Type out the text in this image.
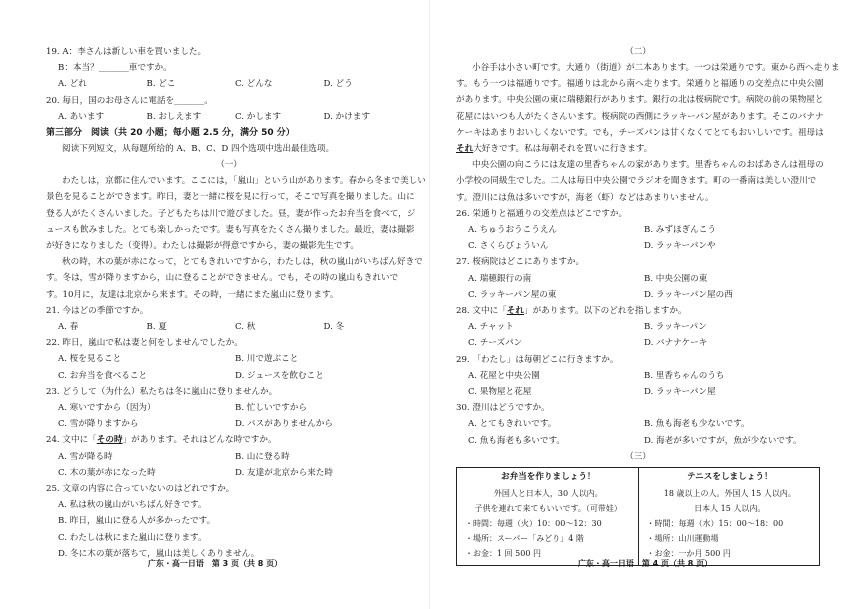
19. A：李さんは新しい車を買いました。
B：本当？_______車ですか。
A. どれ	B. どこ	C. どんな	D. どう
20. 毎日，国のお母さんに電話を_______。
A. あいます	B. おしえます	C. かします	D. かけます
第三部分　阅读（共 20 小题；每小题 2.5 分，满分 50 分）
阅读下列短文，从每题所给的 A、B、C、D 四个选项中选出最佳选项。
（一）
わたしは，京都に住んでいます。ここには，「嵐山」という山があります。春から冬まで美しい
景色を見ることができます。昨日，妻と一緒に桜を見に行って，そこで写真を撮りました。山に
登る人がたくさんいました。子どもたちは川で遊びました。昼，妻が作ったお弁当を食べて，ジ
ュースも飲みました。とても楽しかったです。妻も写真をたくさん撮りました。最近，妻は撮影
が好きになりました（变得）。わたしは撮影が得意ですから，妻の撮影先生です。
秋の時，木の葉が赤になって，とてもきれいですから，わたしは，秋の嵐山がいちばん好きで
す。冬は，雪が降りますから，山に登ることができません。でも，その時の嵐山もきれいで
す。10月に，友達は北京から来ます。その時，一緒にまた嵐山に登ります。
21. 今はどの季節ですか。
A. 春	B. 夏	C. 秋	D. 冬
22. 昨日，嵐山で私は妻と何をしませんでしたか。
A. 桜を見ること	B. 川で遊ぶこと
C. お弁当を食べること	D. ジュースを飲むこと
23. どうして（为什么）私たちは冬に嵐山に登りませんか。
A. 寒いですから（因为）	B. 忙しいですから
C. 雪が降りますから	D. バスがありませんから
24. 文中に「その時」があります。それはどんな時ですか。
A. 雪が降る時	B. 山に登る時
C. 木の葉が赤になった時	D. 友達が北京から来た時
25. 文章の内容に合っていないのはどれですか。
A. 私は秋の嵐山がいちばん好きです。
B. 昨日，嵐山に登る人が多かったです。
C. わたしは秋にまた嵐山に登ります。
D. 冬に木の葉が落ちて，嵐山は美しくありません。
广东・高一日语　第 3 页（共 8 页）
（二）
小谷手は小さい町です。大通り（街道）が二本あります。一つは栄通りです。東から西へ走りま
す。もう一つは福通りです。福通りは北から南へ走ります。栄通りと福通りの交差点に中央公園
があります。中央公園の東に瑞穂銀行があります。銀行の北は桜病院です。病院の前の果物屋と
花屋にはいつも人がたくさんいます。桜病院の西側にラッキーパン屋があります。そこのバナナ
ケーキはあまりおいしくないです。でも，チーズパンは甘くなくてとてもおいしいです。祖母は
それ大好きです。私は毎朝それを買いに行きます。
中央公園の向こうには友達の里香ちゃんの家があります。里香ちゃんのおばあさんは祖母の
小学校の同級生でした。二人は毎日中央公園でラジオを聞きます。町の一番南は美しい澄川で
す。澄川には魚は多いですが，海老（虾）などはあまりいません。
26. 栄通りと福通りの交差点はどこですか。
A. ちゅうおうこうえん	B. みずほぎんこう
C. さくらびょういん	D. ラッキーパンや
27. 桜病院はどこにありますか。
A. 瑞穂銀行の南	B. 中央公園の東
C. ラッキーパン屋の東	D. ラッキーパン屋の西
28. 文中に「それ」があります。以下のどれを指しますか。
A. チャット	B. ラッキーパン
C. チーズパン	D. バナナケーキ
29. 「わたし」は毎朝どこに行きますか。
A. 花屋と中央公園	B. 里香ちゃんのうち
C. 果物屋と花屋	D. ラッキーパン屋
30. 澄川はどうですか。
A. とてもきれいです。	B. 魚も海老も少ないです。
C. 魚も海老も多いです。	D. 海老が多いですが，魚が少ないです。
（三）
お弁当を作りましょう！
外国人と日本人，30 人以内。
子供を連れて来てもいいです。（可带娃）
・時間：毎週（火）10：00〜12：30
・場所：スーパー「みどり」4 階
・お金：1 回 500 円
テニスをしましょう！
18 歳以上の人。外国人 15 人以内。
日本人 15 人以内。
・時間：毎週（水）15：00〜18：00
・場所：山川運動場
・お金：一か月 500 円
广东・高一日语　第 4 页（共 8 页）
